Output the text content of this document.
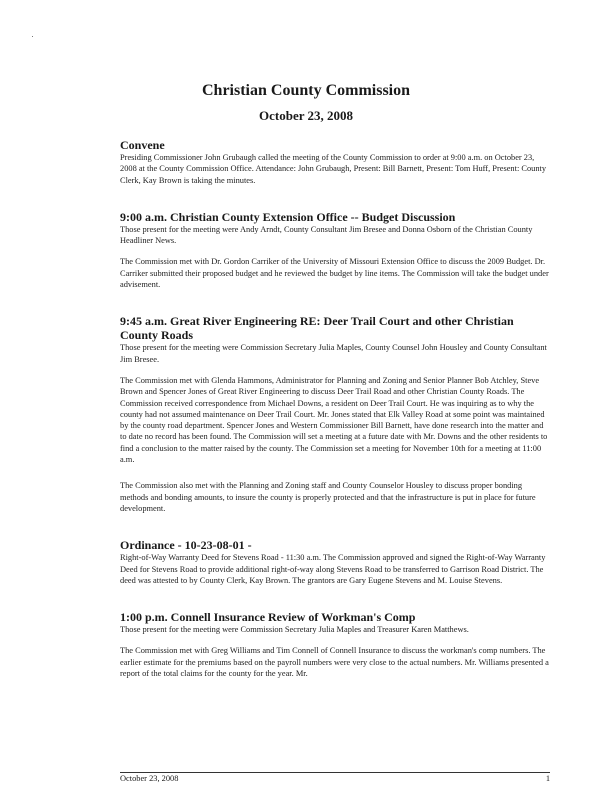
Christian County Commission
October 23, 2008
Convene

Presiding Commissioner John Grubaugh called the meeting of the County Commission to order at 9:00 a.m. on October 23, 2008 at the County Commission Office. Attendance: John Grubaugh, Present: Bill Barnett, Present: Tom Huff, Present: County Clerk, Kay Brown is taking the minutes.

9:00 a.m. Christian County Extension Office -- Budget Discussion

Those present for the meeting were Andy Arndt, County Consultant Jim Bresee and Donna Osborn of the Christian County Headliner News.

The Commission met with Dr. Gordon Carriker of the University of Missouri Extension Office to discuss the 2009 Budget. Dr. Carriker submitted their proposed budget and he reviewed the budget by line items. The Commission will take the budget under advisement.

9:45 a.m. Great River Engineering RE: Deer Trail Court and other Christian County Roads

Those present for the meeting were Commission Secretary Julia Maples, County Counsel John Housley and County Consultant Jim Bresee.

The Commission met with Glenda Hammons, Administrator for Planning and Zoning and Senior Planner Bob Atchley, Steve Brown and Spencer Jones of Great River Engineering to discuss Deer Trail Road and other Christian County Roads. The Commission received correspondence from Michael Downs, a resident on Deer Trail Court. He was inquiring as to why the county had not assumed maintenance on Deer Trail Court. Mr. Jones stated that Elk Valley Road at some point was maintained by the county road department. Spencer Jones and Western Commissioner Bill Barnett, have done research into the matter and to date no record has been found. The Commission will set a meeting at a future date with Mr. Downs and the other residents to find a conclusion to the matter raised by the county. The Commission set a meeting for November 10th for a meeting at 11:00 a.m.

The Commission also met with the Planning and Zoning staff and County Counselor Housley to discuss proper bonding methods and bonding amounts, to insure the county is properly protected and that the infrastructure is put in place for future development.

Ordinance - 10-23-08-01 -

Right-of-Way Warranty Deed for Stevens Road - 11:30 a.m. The Commission approved and signed the Right-of-Way Warranty Deed for Stevens Road to provide additional right-of-way along Stevens Road to be transferred to Garrison Road District. The deed was attested to by County Clerk, Kay Brown. The grantors are Gary Eugene Stevens and M. Louise Stevens.

1:00 p.m. Connell Insurance Review of Workman's Comp

Those present for the meeting were Commission Secretary Julia Maples and Treasurer Karen Matthews.

The Commission met with Greg Williams and Tim Connell of Connell Insurance to discuss the workman's comp numbers. The earlier estimate for the premiums based on the payroll numbers were very close to the actual numbers. Mr. Williams presented a report of the total claims for the county for the year. Mr.

October 23, 2008	1
